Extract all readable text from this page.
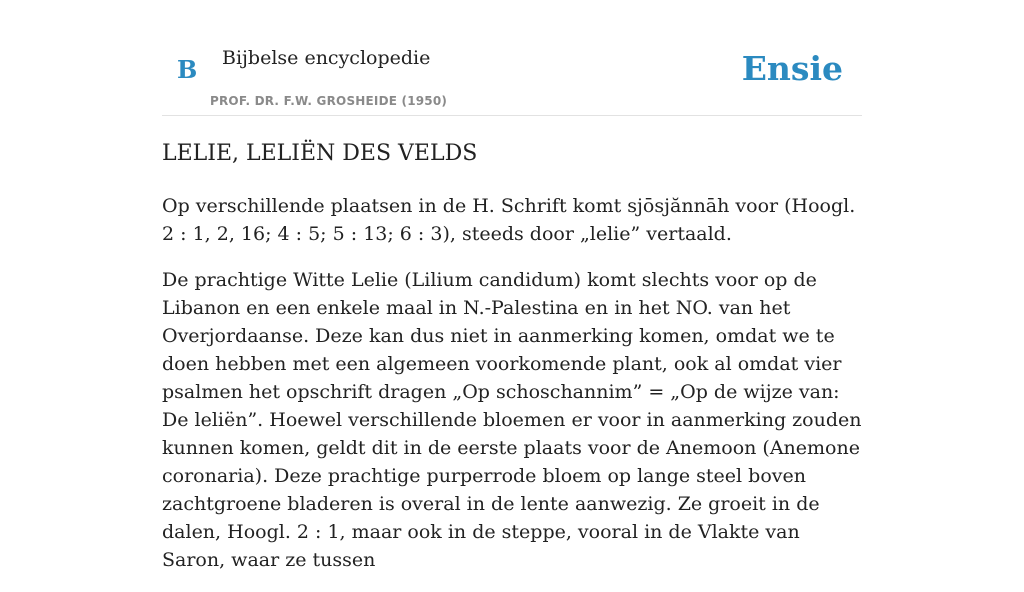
B Bijbelse encyclopedie
PROF. DR. F.W. GROSHEIDE (1950)
Ensie
LELIE, LELIËN DES VELDS

Op verschillende plaatsen in de H. Schrift komt sjōsjănnāh voor (Hoogl. 2 : 1, 2, 16; 4 : 5; 5 : 13; 6 : 3), steeds door „lelie” vertaald.

De prachtige Witte Lelie (Lilium candidum) komt slechts voor op de Libanon en een enkele maal in N.-Palestina en in het NO. van het Overjordaanse. Deze kan dus niet in aanmerking komen, omdat we te doen hebben met een algemeen voorkomende plant, ook al omdat vier psalmen het opschrift dragen „Op schoschannim” = „Op de wijze van: De leliën”. Hoewel verschillende bloemen er voor in aanmerking zouden kunnen komen, geldt dit in de eerste plaats voor de Anemoon (Anemone coronaria). Deze prachtige purperrode bloem op lange steel boven zachtgroene bladeren is overal in de lente aanwezig. Ze groeit in de dalen, Hoogl. 2 : 1, maar ook in de steppe, vooral in de Vlakte van Saron, waar ze tussen
